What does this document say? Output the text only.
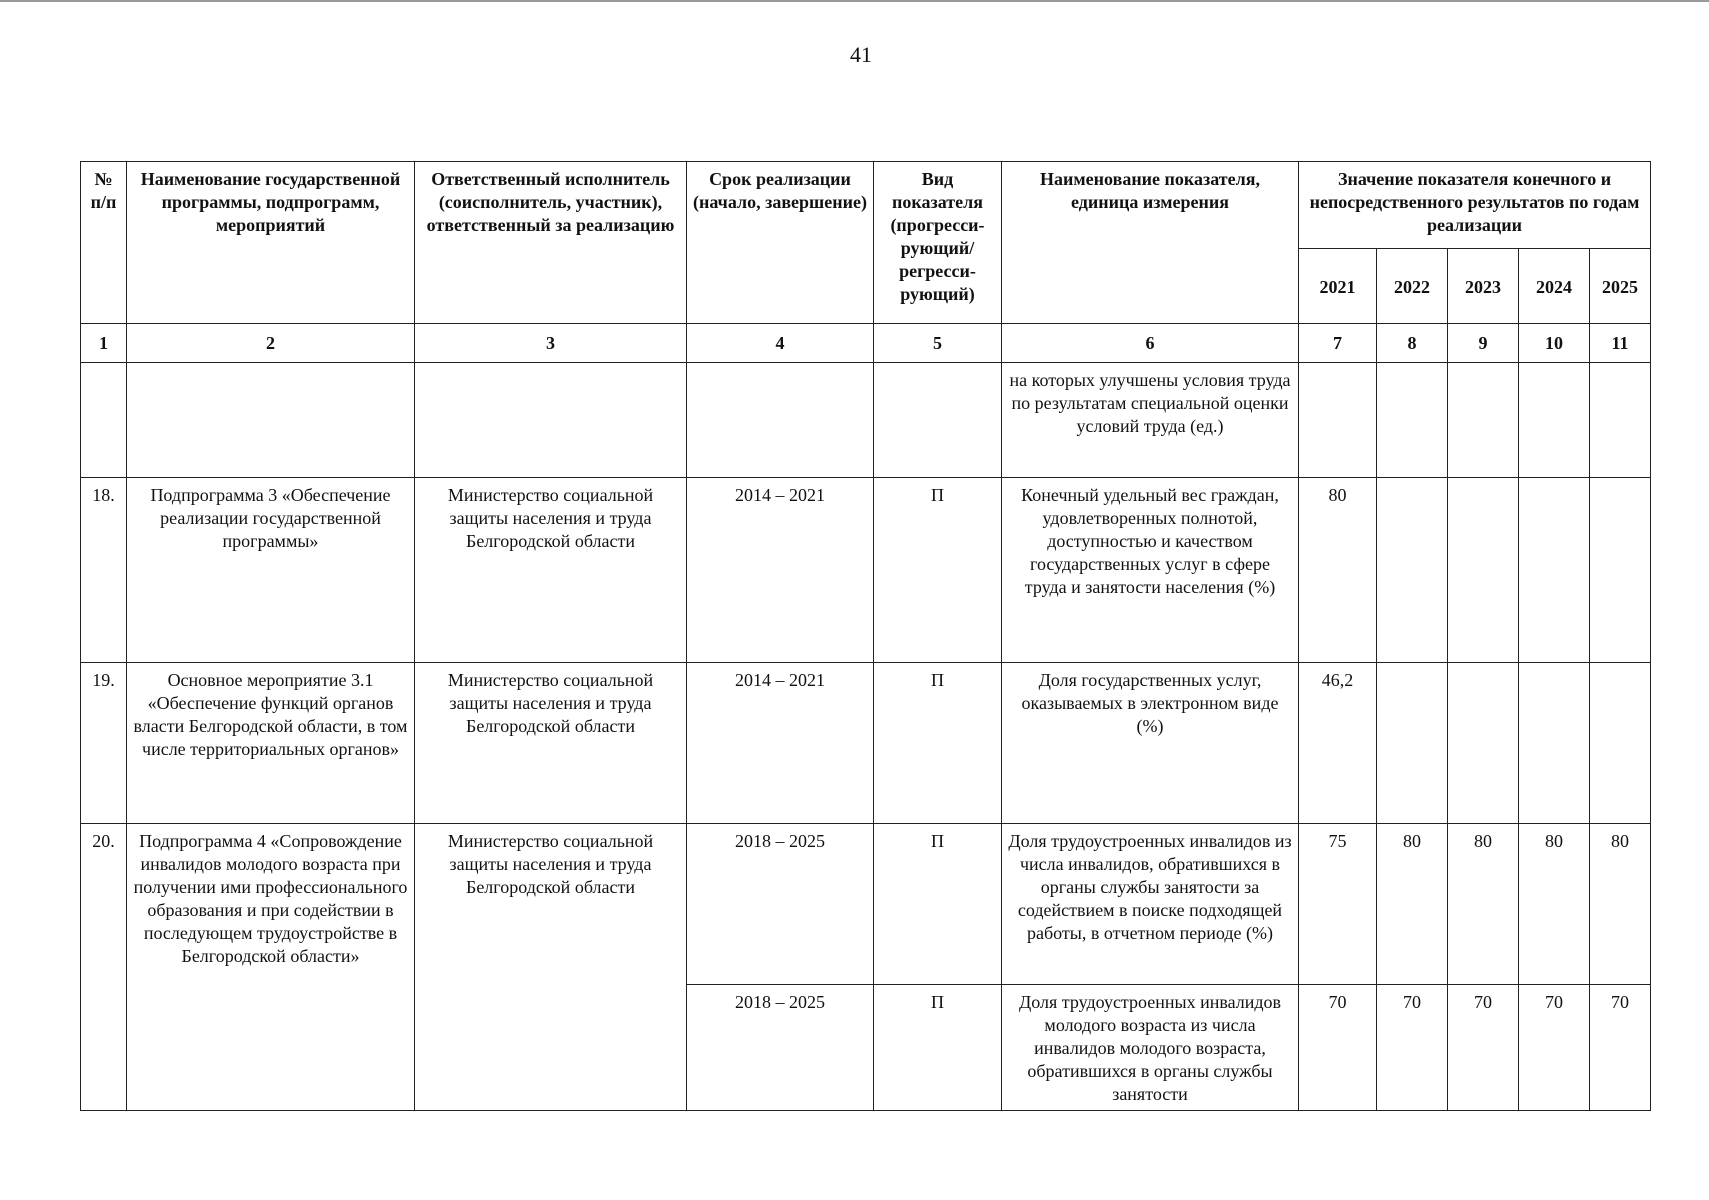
41
№ п/п	Наименование государственной программы, подпрограмм, мероприятий	Ответственный исполнитель (соисполнитель, участник), ответственный за реализацию	Срок реализации (начало, завершение)	Вид показателя (прогресси-рующий/ регресси-рующий)	Наименование показателя, единица измерения	Значение показателя конечного и непосредственного результатов по годам реализации				
						2021	2022	2023	2024	2025
1	2	3	4	5	6	7	8	9	10	11
					на которых улучшены условия труда по результатам специальной оценки условий труда (ед.)					
18.	Подпрограмма 3 «Обеспечение реализации государственной программы»	Министерство социальной защиты населения и труда Белгородской области	2014 – 2021	П	Конечный удельный вес граждан, удовлетворенных полнотой, доступностью и качеством государственных услуг в сфере труда и занятости населения (%)	80				
19.	Основное мероприятие 3.1 «Обеспечение функций органов власти Белгородской области, в том числе территориальных органов»	Министерство социальной защиты населения и труда Белгородской области	2014 – 2021	П	Доля государственных услуг, оказываемых в электронном виде (%)	46,2				
20.	Подпрограмма 4 «Сопровождение инвалидов молодого возраста при получении ими профессионального образования и при содействии в последующем трудоустройстве в Белгородской области»	Министерство социальной защиты населения и труда Белгородской области	2018 – 2025	П	Доля трудоустроенных инвалидов из числа инвалидов, обратившихся в органы службы занятости за содействием в поиске подходящей работы, в отчетном периоде (%)	75	80	80	80	80
			2018 – 2025	П	Доля трудоустроенных инвалидов молодого возраста из числа инвалидов молодого возраста, обратившихся в органы службы занятости	70	70	70	70	70
